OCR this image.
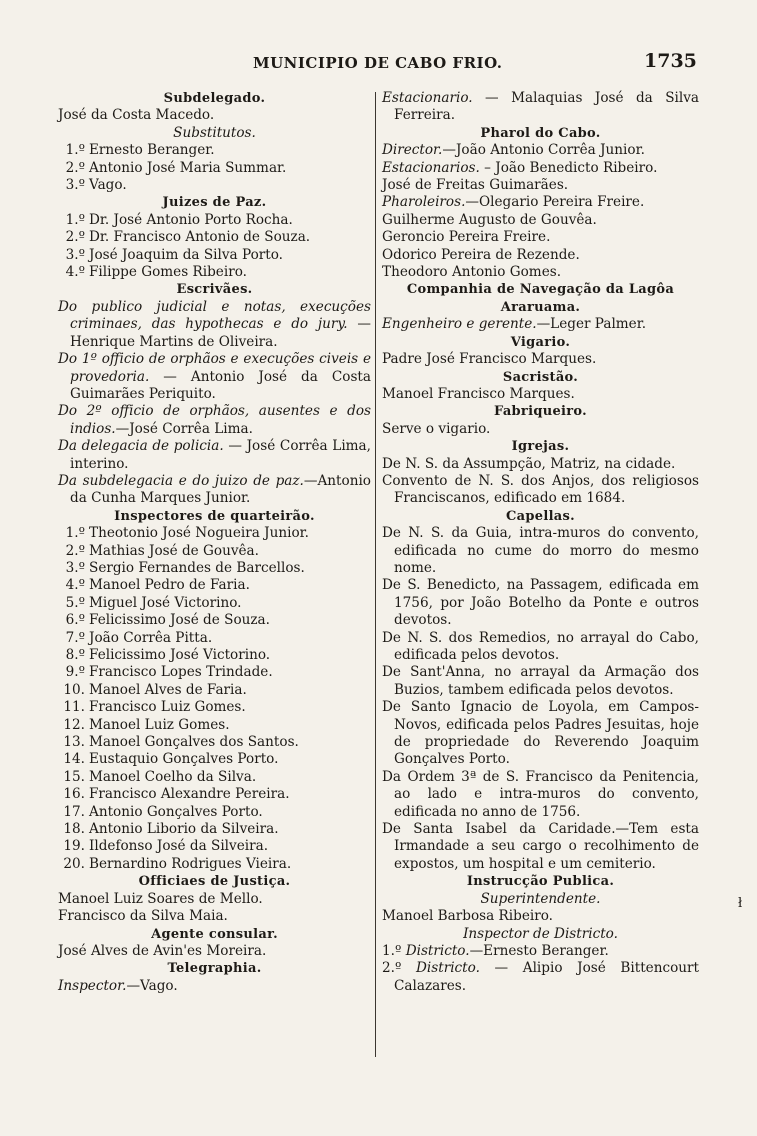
MUNICIPIO DE CABO FRIO.	1735
Subdelegado.
José da Costa Macedo.
Substitutos.
1.º Ernesto Beranger.
2.º Antonio José Maria Summar.
3.º Vago.
Juizes de Paz.
1.º Dr. José Antonio Porto Rocha.
2.º Dr. Francisco Antonio de Souza.
3.º José Joaquim da Silva Porto.
4.º Filippe Gomes Ribeiro.
Escrivães.
Do publico judicial e notas, execuções criminaes, das hypothecas e do jury. — Henrique Martins de Oliveira.
Do 1º officio de orphãos e execuções civeis e provedoria. — Antonio José da Costa Guimarães Periquito.
Do 2º officio de orphãos, ausentes e dos indios.—José Corrêa Lima.
Da delegacia de policia. — José Corrêa Lima, interino.
Da subdelegacia e do juizo de paz.—Antonio da Cunha Marques Junior.
Inspectores de quarteirão.
1.º Theotonio José Nogueira Junior.
2.º Mathias José de Gouvêa.
3.º Sergio Fernandes de Barcellos.
4.º Manoel Pedro de Faria.
5.º Miguel José Victorino.
6.º Felicissimo José de Souza.
7.º João Corrêa Pitta.
8.º Felicissimo José Victorino.
9.º Francisco Lopes Trindade.
10. Manoel Alves de Faria.
11. Francisco Luiz Gomes.
12. Manoel Luiz Gomes.
13. Manoel Gonçalves dos Santos.
14. Eustaquio Gonçalves Porto.
15. Manoel Coelho da Silva.
16. Francisco Alexandre Pereira.
17. Antonio Gonçalves Porto.
18. Antonio Liborio da Silveira.
19. Ildefonso José da Silveira.
20. Bernardino Rodrigues Vieira.
Officiaes de Justiça.
Manoel Luiz Soares de Mello.
Francisco da Silva Maia.
Agente consular.
José Alves de Avin'es Moreira.
Telegraphia.
Inspector.—Vago.
Estacionario. — Malaquias José da Silva Ferreira.
Pharol do Cabo.
Director.—João Antonio Corrêa Junior.
Estacionarios. – João Benedicto Ribeiro.
José de Freitas Guimarães.
Pharoleiros.—Olegario Pereira Freire.
Guilherme Augusto de Gouvêa.
Geroncio Pereira Freire.
Odorico Pereira de Rezende.
Theodoro Antonio Gomes.
Companhia de Navegação da Lagôa
Araruama.
Engenheiro e gerente.—Leger Palmer.
Vigario.
Padre José Francisco Marques.
Sacristão.
Manoel Francisco Marques.
Fabriqueiro.
Serve o vigario.
Igrejas.
De N. S. da Assumpção, Matriz, na cidade.
Convento de N. S. dos Anjos, dos religiosos Franciscanos, edificado em 1684.
Capellas.
De N. S. da Guia, intra-muros do convento, edificada no cume do morro do mesmo nome.
De S. Benedicto, na Passagem, edificada em 1756, por João Botelho da Ponte e outros devotos.
De N. S. dos Remedios, no arrayal do Cabo, edificada pelos devotos.
De Sant'Anna, no arrayal da Armação dos Buzios, tambem edificada pelos devotos.
De Santo Ignacio de Loyola, em Campos-Novos, edificada pelos Padres Jesuitas, hoje de propriedade do Reverendo Joaquim Gonçalves Porto.
Da Ordem 3ª de S. Francisco da Penitencia, ao lado e intra-muros do convento, edificada no anno de 1756.
De Santa Isabel da Caridade.—Tem esta Irmandade a seu cargo o recolhimento de expostos, um hospital e um cemiterio.
Instrucção Publica.
Superintendente.
Manoel Barbosa Ribeiro.
Inspector de Districto.
1.º Districto.—Ernesto Beranger.
2.º Districto. — Alipio José Bittencourt Calazares.
ł
